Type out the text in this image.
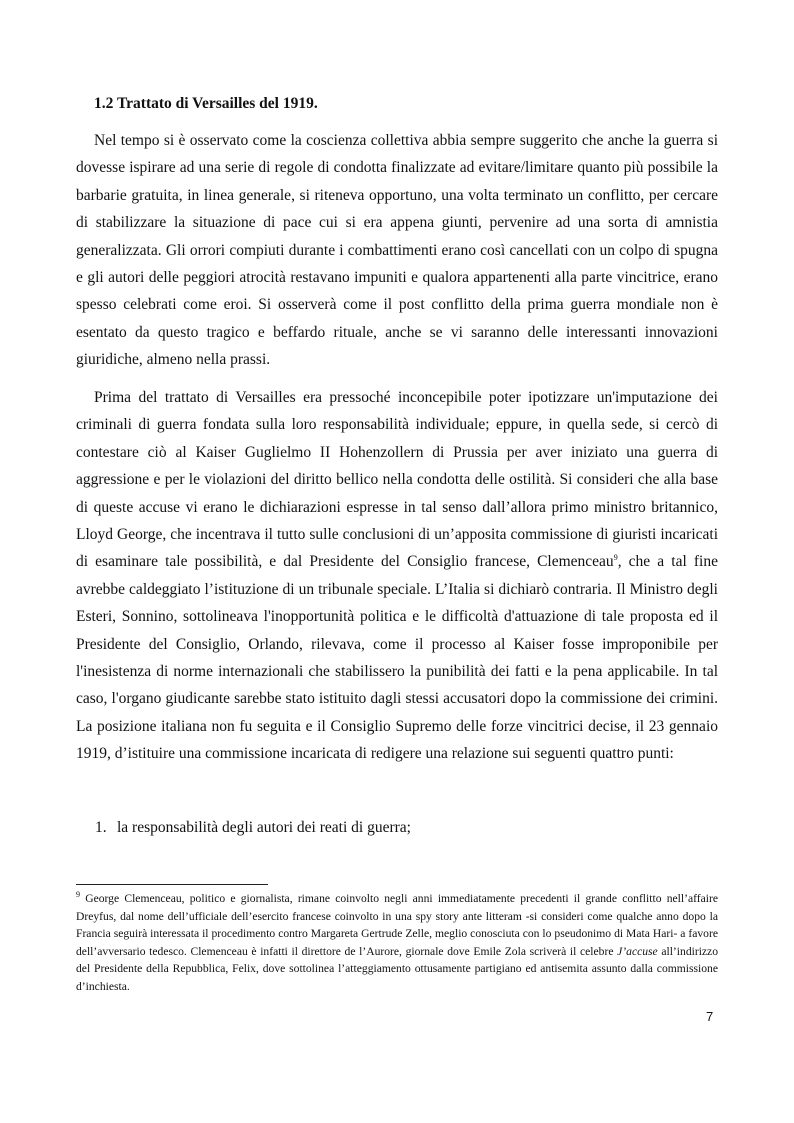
1.2 Trattato di Versailles del 1919.

Nel tempo si è osservato come la coscienza collettiva abbia sempre suggerito che anche la guerra si dovesse ispirare ad una serie di regole di condotta finalizzate ad evitare/limitare quanto più possibile la barbarie gratuita, in linea generale, si riteneva opportuno, una volta terminato un conflitto, per cercare di stabilizzare la situazione di pace cui si era appena giunti, pervenire ad una sorta di amnistia generalizzata. Gli orrori compiuti durante i combattimenti erano così cancellati con un colpo di spugna e gli autori delle peggiori atrocità restavano impuniti e qualora appartenenti alla parte vincitrice, erano spesso celebrati come eroi. Si osserverà come il post conflitto della prima guerra mondiale non è esentato da questo tragico e beffardo rituale, anche se vi saranno delle interessanti innovazioni giuridiche, almeno nella prassi.

Prima del trattato di Versailles era pressoché inconcepibile poter ipotizzare un'imputazione dei criminali di guerra fondata sulla loro responsabilità individuale; eppure, in quella sede, si cercò di contestare ciò al Kaiser Guglielmo II Hohenzollern di Prussia per aver iniziato una guerra di aggressione e per le violazioni del diritto bellico nella condotta delle ostilità. Si consideri che alla base di queste accuse vi erano le dichiarazioni espresse in tal senso dall’allora primo ministro britannico, Lloyd George, che incentrava il tutto sulle conclusioni di un’apposita commissione di giuristi incaricati di esaminare tale possibilità, e dal Presidente del Consiglio francese, Clemenceau$^9$, che a tal fine avrebbe caldeggiato l’istituzione di un tribunale speciale. L’Italia si dichiarò contraria. Il Ministro degli Esteri, Sonnino, sottolineava l'inopportunità politica e le difficoltà d'attuazione di tale proposta ed il Presidente del Consiglio, Orlando, rilevava, come il processo al Kaiser fosse improponibile per l'inesistenza di norme internazionali che stabilissero la punibilità dei fatti e la pena applicabile. In tal caso, l'organo giudicante sarebbe stato istituito dagli stessi accusatori dopo la commissione dei crimini. La posizione italiana non fu seguita e il Consiglio Supremo delle forze vincitrici decise, il 23 gennaio 1919, d’istituire una commissione incaricata di redigere una relazione sui seguenti quattro punti:

1. la responsabilità degli autori dei reati di guerra;

$^9$ George Clemenceau, politico e giornalista, rimane coinvolto negli anni immediatamente precedenti il grande conflitto nell’affaire Dreyfus, dal nome dell’ufficiale dell’esercito francese coinvolto in una spy story ante litteram -si consideri come qualche anno dopo la Francia seguirà interessata il procedimento contro Margareta Gertrude Zelle, meglio conosciuta con lo pseudonimo di Mata Hari- a favore dell’avversario tedesco. Clemenceau è infatti il direttore de l’Aurore, giornale dove Emile Zola scriverà il celebre J’accuse all’indirizzo del Presidente della Repubblica, Felix, dove sottolinea l’atteggiamento ottusamente partigiano ed antisemita assunto dalla commissione d’inchiesta.

7
